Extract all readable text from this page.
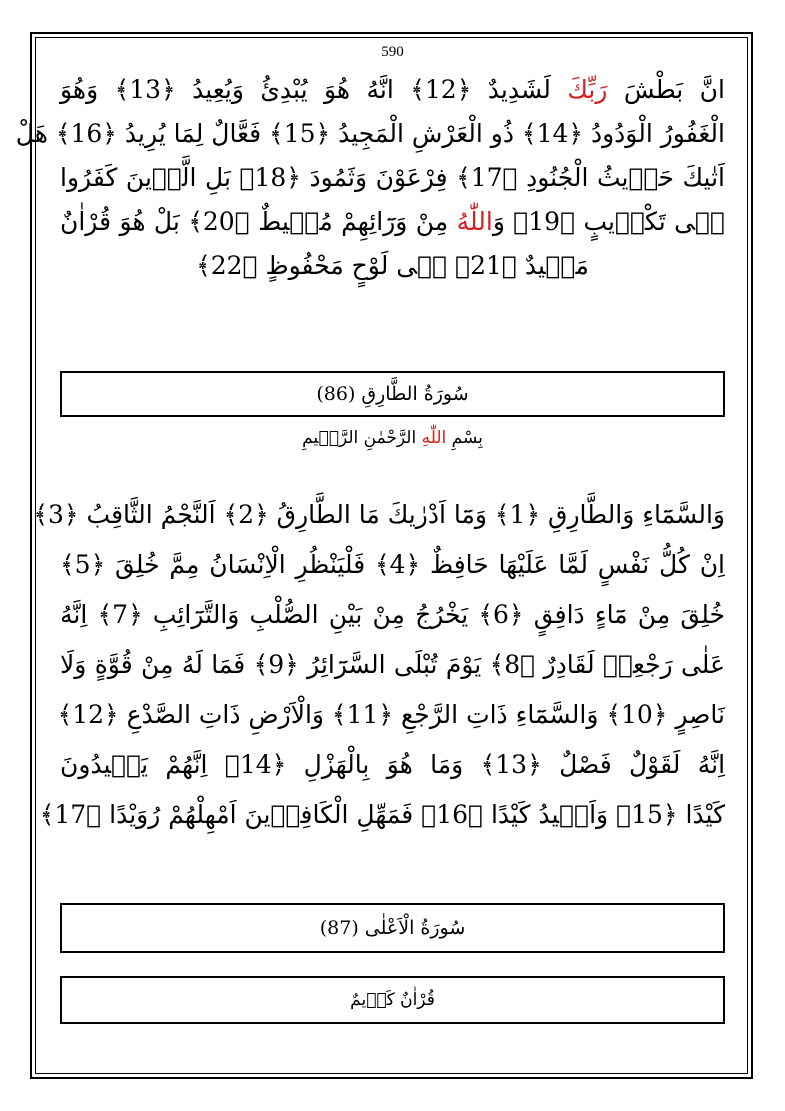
590
انَّ بَطْشَ رَبِّكَ لَشَدِيدٌ ﴿12﴾ انَّهُ هُوَ يُبْدِئُ وَيُعِيدُ ﴿13﴾ وَهُوَ
الْغَفُورُ الْوَدُودُ ﴿14﴾ ذُو الْعَرْشِ الْمَجِيدُ ﴿15﴾ فَعَّالٌ لِمَا يُرِيدُ ﴿16﴾ هَلْ
اَتٰيكَ حَدٖيثُ الْجُنُودِ ﴿17﴾ فِرْعَوْنَ وَثَمُودَ ﴿18﴾ بَلِ الَّذٖينَ كَفَرُوا
فٖى تَكْذٖيبٍ ﴿19﴾ وَاللّٰهُ مِنْ وَرَٓائِهِمْ مُحٖيطٌ ﴿20﴾ بَلْ هُوَ قُرْاٰنٌ
مَجٖيدٌ ﴿21﴾ فٖى لَوْحٍ مَحْفُوظٍ ﴿22﴾
سُورَةُ الطَّارِقِ (86)
بِسْمِ اللّٰهِ الرَّحْمٰنِ الرَّحٖيمِ
وَالسَّمَٓاءِ وَالطَّارِقِ ﴿1﴾ وَمَٓا اَدْرٰيكَ مَا الطَّارِقُ ﴿2﴾ اَلنَّجْمُ الثَّاقِبُ ﴿3﴾
اِنْ كُلُّ نَفْسٍ لَمَّا عَلَيْهَا حَافِظٌ ﴿4﴾ فَلْيَنْظُرِ الْاِنْسَانُ مِمَّ خُلِقَ ﴿5﴾
خُلِقَ مِنْ مَٓاءٍ دَافِقٍ ﴿6﴾ يَخْرُجُ مِنْ بَيْنِ الصُّلْبِ وَالتَّرَٓائِبِ ﴿7﴾ اِنَّهُ
عَلٰى رَجْعِهٖ لَقَادِرٌ ﴿8﴾ يَوْمَ تُبْلَى السَّرَٓائِرُ ﴿9﴾ فَمَا لَهُ مِنْ قُوَّةٍ وَلَا
نَاصِرٍ ﴿10﴾ وَالسَّمَٓاءِ ذَاتِ الرَّجْعِ ﴿11﴾ وَالْاَرْضِ ذَاتِ الصَّدْعِ ﴿12﴾
اِنَّهُ لَقَوْلٌ فَصْلٌ ﴿13﴾ وَمَا هُوَ بِالْهَزْلِ ﴿14﴾ اِنَّهُمْ يَكٖيدُونَ
كَيْدًا ﴿15﴾ وَاَكٖيدُ كَيْدًا ﴿16﴾ فَمَهِّلِ الْكَافِرٖينَ اَمْهِلْهُمْ رُوَيْدًا ﴿17﴾
سُورَةُ الْاَعْلٰى (87)
قُرْاٰنٌ كَرٖيمٌ
